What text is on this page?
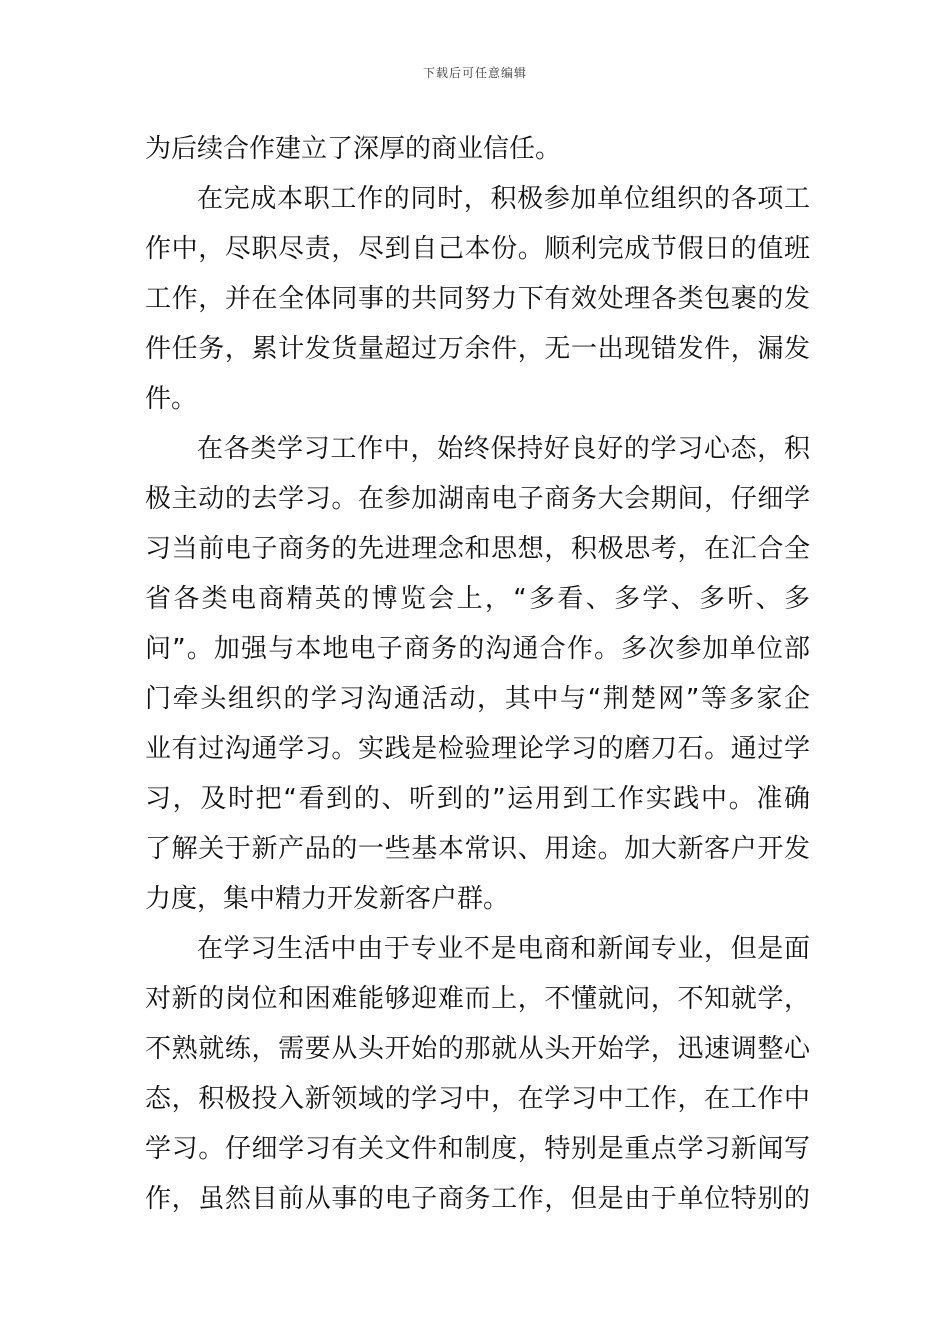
下载后可任意编辑
为后续合作建立了深厚的商业信任。
在完成本职工作的同时，积极参加单位组织的各项工
作中，尽职尽责，尽到自己本份。顺利完成节假日的值班
工作，并在全体同事的共同努力下有效处理各类包裹的发
件任务，累计发货量超过万余件，无一出现错发件，漏发
件。
在各类学习工作中，始终保持好良好的学习心态，积
极主动的去学习。在参加湖南电子商务大会期间，仔细学
习当前电子商务的先进理念和思想，积极思考，在汇合全
省各类电商精英的博览会上，“多看、多学、多听、多
问”。加强与本地电子商务的沟通合作。多次参加单位部
门牵头组织的学习沟通活动，其中与“荆楚网”等多家企
业有过沟通学习。实践是检验理论学习的磨刀石。通过学
习，及时把“看到的、听到的”运用到工作实践中。准确
了解关于新产品的一些基本常识、用途。加大新客户开发
力度，集中精力开发新客户群。
在学习生活中由于专业不是电商和新闻专业，但是面
对新的岗位和困难能够迎难而上，不懂就问，不知就学，
不熟就练，需要从头开始的那就从头开始学，迅速调整心
态，积极投入新领域的学习中，在学习中工作，在工作中
学习。仔细学习有关文件和制度，特别是重点学习新闻写
作，虽然目前从事的电子商务工作，但是由于单位特别的
